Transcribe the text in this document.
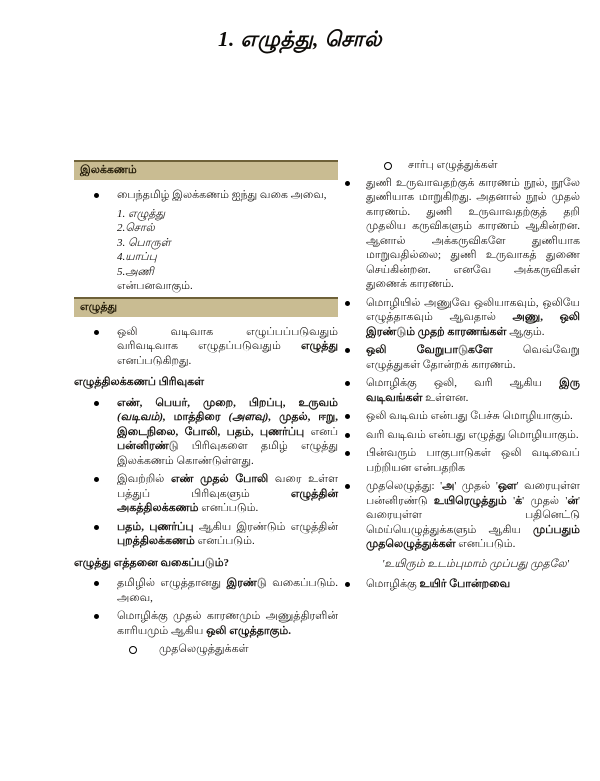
1. எழுத்து, சொல்
இலக்கணம்
பைந்தமிழ் இலக்கணம் ஐந்து வகை அவை,
1. எழுத்து
2.சொல்
3. பொருள்
4.யாப்பு
5.அணி
என்பனவாகும்.
எழுத்து
ஒலி வடிவாக எழுப்பப்படுவதும் வரிவடிவாக எழுதப்படுவதும் எழுத்து எனப்படுகிறது.
எழுத்திலக்கணப் பிரிவுகள்
எண், பெயர், முறை, பிறப்பு, உருவம் (வடிவம்), மாத்திரை (அளவு), முதல், ஈறு, இடைநிலை, போலி, பதம், புணர்ப்பு எனப் பன்னிரண்டு பிரிவுகளை தமிழ் எழுத்து இலக்கணம் கொண்டுள்ளது.
இவற்றில் எண் முதல் போலி வரை உள்ள பத்துப் பிரிவுகளும் எழுத்தின் அகத்திலக்கணம் எனப்படும்.
பதம், புணர்ப்பு ஆகிய இரண்டும் எழுத்தின் புறத்திலக்கணம் எனப்படும்.
எழுத்து எத்தனை வகைப்படும்?
தமிழில் எழுத்தானது இரண்டு வகைப்படும். அவை,
மொழிக்கு முதல் காரணமும் அணுத்திரளின் காரியமும் ஆகிய ஒலி எழுத்தாகும்.
முதலெழுத்துக்கள்
சார்பு எழுத்துக்கள்
துணி உருவாவதற்குக் காரணம் நூல், நூலே துணியாக மாறுகிறது. அதனால் நூல் முதல் காரணம். துணி உருவாவதற்குத் தறி முதலிய கருவிகளும் காரணம் ஆகின்றன. ஆனால் அக்கருவிகளே துணியாக மாறுவதில்லை; துணி உருவாகத் துணை செய்கின்றன. எனவே அக்கருவிகள் துணைக் காரணம்.
மொழியில் அணுவே ஒலியாகவும், ஒலியே எழுத்தாகவும் ஆவதால் அணு, ஒலி இரண்டும் முதற் காரணங்கள் ஆகும்.
ஒலி வேறுபாடுகளே வெவ்வேறு எழுத்துகள் தோன்றக் காரணம்.
மொழிக்கு ஒலி, வரி ஆகிய இரு வடிவங்கள் உள்ளன.
ஒலி வடிவம் என்பது பேச்சு மொழியாகும்.
வரி வடிவம் என்பது எழுத்து மொழியாகும்.
பின்வரும் பாகுபாடுகள் ஒலி வடிவைப் பற்றியன என்பதறிக
முதலெழுத்து: 'அ' முதல் 'ஔ' வரையுள்ள பன்னிரண்டு உயிரெழுத்தும் 'க்' முதல் 'ன்' வரையுள்ள பதினெட்டு மெய்யெழுத்துக்களும் ஆகிய முப்பதும் முதலெழுத்துக்கள் எனப்படும்.
'உயிரும் உடம்புமாம் முப்பது முதலே'
மொழிக்கு உயிர் போன்றவை
